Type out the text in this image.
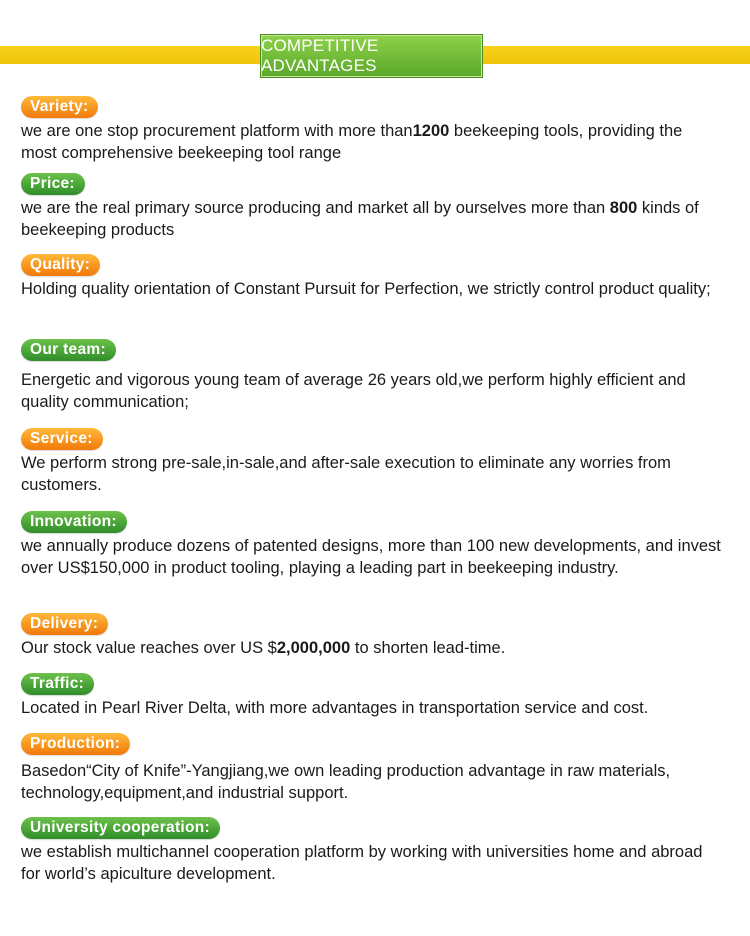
COMPETITIVE ADVANTAGES
Variety:
we are one stop procurement platform with more than1200 beekeeping tools, providing the most comprehensive beekeeping tool range
Price:
we are the real primary source producing and market all by ourselves more than 800 kinds of beekeeping products
Quality:
Holding quality orientation of Constant Pursuit for Perfection, we strictly control product quality;
Our team:
Energetic and vigorous young team of average 26 years old,we perform highly efficient and quality communication;
Service:
We perform strong pre-sale,in-sale,and after-sale execution to eliminate any worries from customers.
Innovation:
we annually produce dozens of patented designs, more than 100 new developments, and invest over US$150,000 in product tooling, playing a leading part in beekeeping industry.
Delivery:
Our stock value reaches over US $2,000,000 to shorten lead-time.
Traffic:
Located in Pearl River Delta, with more advantages in transportation service and cost.
Production:
Basedon“City of Knife”-Yangjiang,we own leading production advantage in raw materials, technology,equipment,and industrial support.
University cooperation:
we establish multichannel cooperation platform by working with universities home and abroad for world’s apiculture development.
